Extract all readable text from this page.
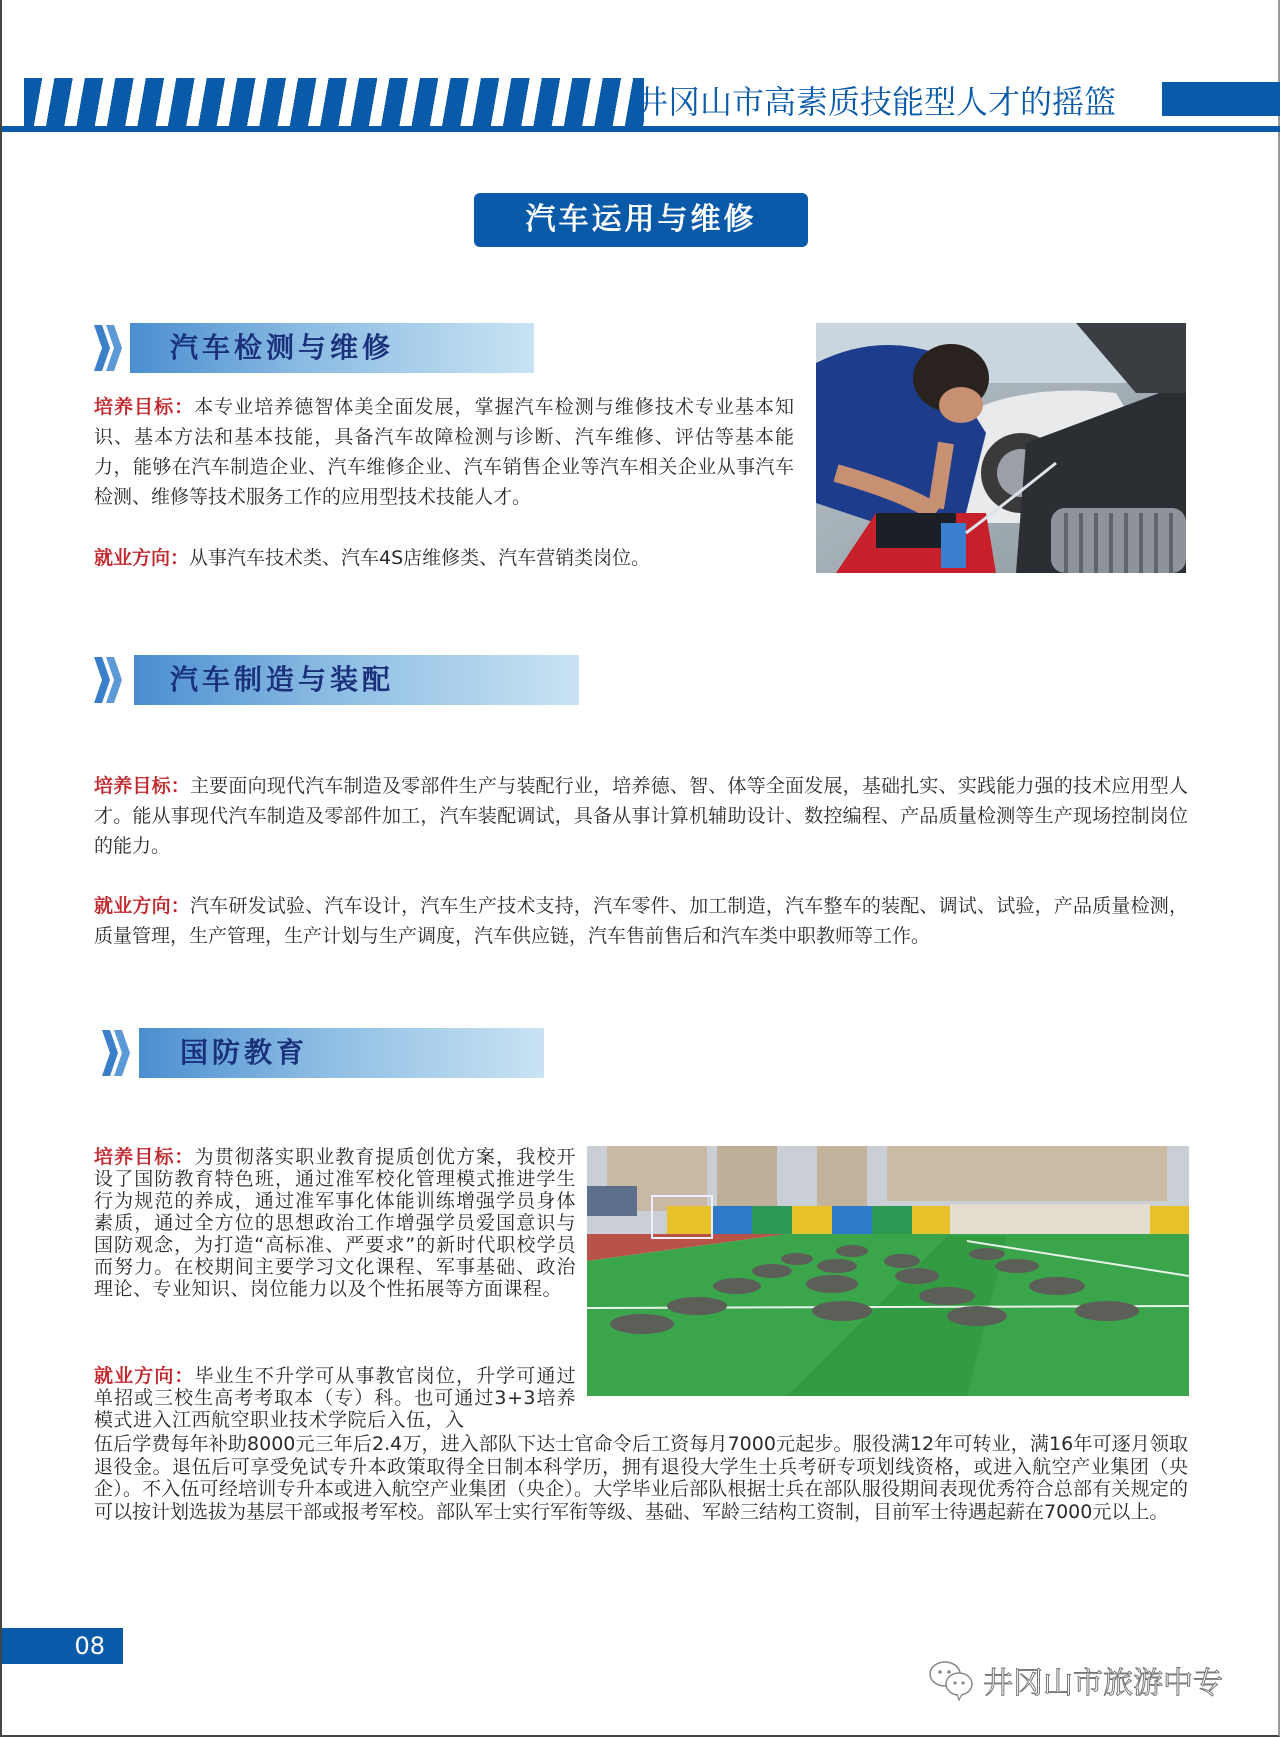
井冈山市高素质技能型人才的摇篮
汽车运用与维修
汽车检测与维修
培养目标：本专业培养德智体美全面发展，掌握汽车检测与维修技术专业基本知识、基本方法和基本技能，具备汽车故障检测与诊断、汽车维修、评估等基本能力，能够在汽车制造企业、汽车维修企业、汽车销售企业等汽车相关企业从事汽车检测、维修等技术服务工作的应用型技术技能人才。
就业方向：从事汽车技术类、汽车4S店维修类、汽车营销类岗位。
汽车制造与装配
培养目标：主要面向现代汽车制造及零部件生产与装配行业，培养德、智、体等全面发展，基础扎实、实践能力强的技术应用型人才。能从事现代汽车制造及零部件加工，汽车装配调试，具备从事计算机辅助设计、数控编程、产品质量检测等生产现场控制岗位的能力。
就业方向：汽车研发试验、汽车设计，汽车生产技术支持，汽车零件、加工制造，汽车整车的装配、调试、试验，产品质量检测，质量管理，生产管理，生产计划与生产调度，汽车供应链，汽车售前售后和汽车类中职教师等工作。
国防教育
培养目标：为贯彻落实职业教育提质创优方案，我校开设了国防教育特色班，通过准军校化管理模式推进学生行为规范的养成，通过准军事化体能训练增强学员身体素质，通过全方位的思想政治工作增强学员爱国意识与国防观念，为打造“高标准、严要求”的新时代职校学员而努力。在校期间主要学习文化课程、军事基础、政治理论、专业知识、岗位能力以及个性拓展等方面课程。
就业方向：毕业生不升学可从事教官岗位，升学可通过单招或三校生高考考取本（专）科。也可通过3+3培养模式进入江西航空职业技术学院后入伍，入
伍后学费每年补助8000元三年后2.4万，进入部队下达士官命令后工资每月7000元起步。服役满12年可转业，满16年可逐月领取退役金。退伍后可享受免试专升本政策取得全日制本科学历，拥有退役大学生士兵考研专项划线资格，或进入航空产业集团（央企）。不入伍可经培训专升本或进入航空产业集团（央企）。大学毕业后部队根据士兵在部队服役期间表现优秀符合总部有关规定的可以按计划选拔为基层干部或报考军校。部队军士实行军衔等级、基础、军龄三结构工资制，目前军士待遇起薪在7000元以上。
08
井冈山市旅游中专
